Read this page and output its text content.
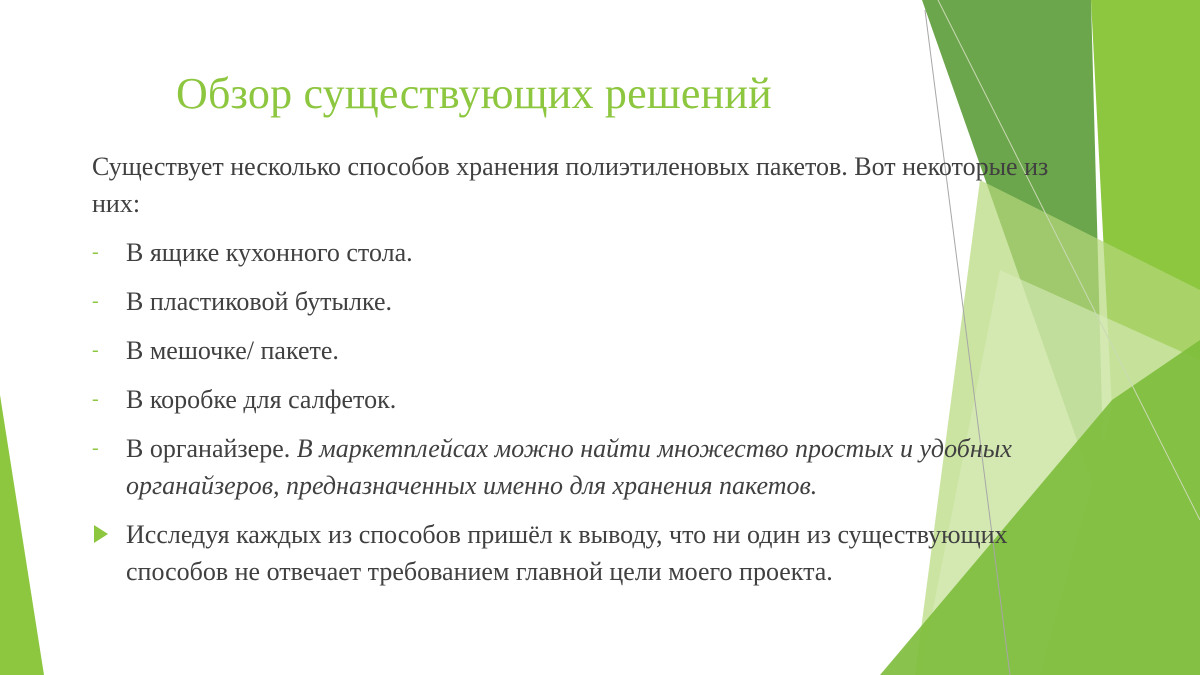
Обзор существующих решений

Существует несколько способов хранения полиэтиленовых пакетов. Вот некоторые из них:

- В ящике кухонного стола.

- В пластиковой бутылке.

- В мешочке/ пакете.

- В коробке для салфеток.

- В органайзере. В маркетплейсах можно найти множество простых и удобных органайзеров, предназначенных именно для хранения пакетов.

Исследуя каждых из способов пришёл к выводу, что ни один из существующих способов не отвечает требованием главной цели моего проекта.
